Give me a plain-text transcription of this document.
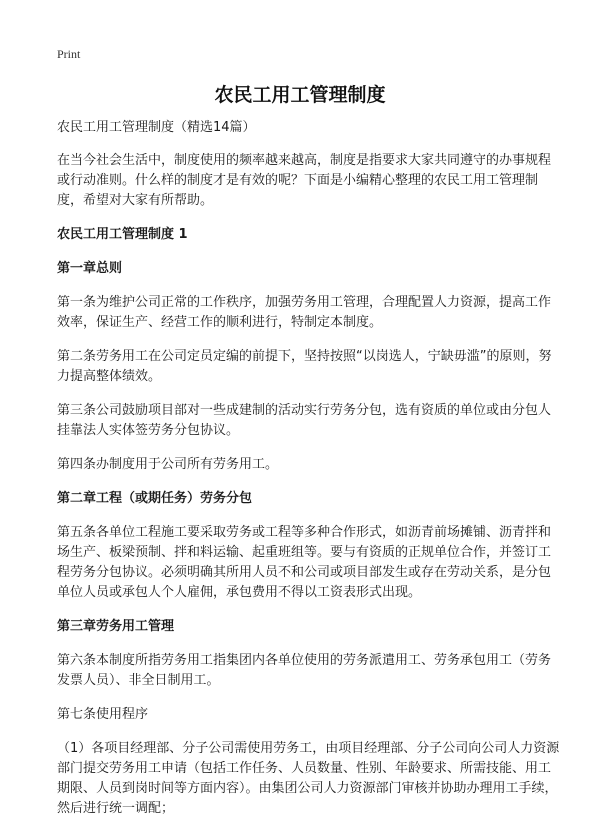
Print
农民工用工管理制度

农民工用工管理制度（精选14篇）

在当今社会生活中，制度使用的频率越来越高，制度是指要求大家共同遵守的办事规程或行动准则。什么样的制度才是有效的呢？下面是小编精心整理的农民工用工管理制度，希望对大家有所帮助。

农民工用工管理制度 1
第一章总则

第一条为维护公司正常的工作秩序，加强劳务用工管理，合理配置人力资源，提高工作效率，保证生产、经营工作的顺利进行，特制定本制度。

第二条劳务用工在公司定员定编的前提下，坚持按照“以岗选人，宁缺毋滥”的原则，努力提高整体绩效。

第三条公司鼓励项目部对一些成建制的活动实行劳务分包，选有资质的单位或由分包人挂靠法人实体签劳务分包协议。

第四条办制度用于公司所有劳务用工。

第二章工程（或期任务）劳务分包

第五条各单位工程施工要采取劳务或工程等多种合作形式，如沥青前场摊铺、沥青拌和场生产、板梁预制、拌和料运输、起重班组等。要与有资质的正规单位合作，并签订工程劳务分包协议。必须明确其所用人员不和公司或项目部发生或存在劳动关系，是分包单位人员或承包人个人雇佣，承包费用不得以工资表形式出现。

第三章劳务用工管理

第六条本制度所指劳务用工指集团内各单位使用的劳务派遣用工、劳务承包用工（劳务发票人员）、非全日制用工。

第七条使用程序

（1）各项目经理部、分子公司需使用劳务工，由项目经理部、分子公司向公司人力资源部门提交劳务用工申请（包括工作任务、人员数量、性别、年龄要求、所需技能、用工期限、人员到岗时间等方面内容）。由集团公司人力资源部门审核并协助办理用工手续，然后进行统一调配；
